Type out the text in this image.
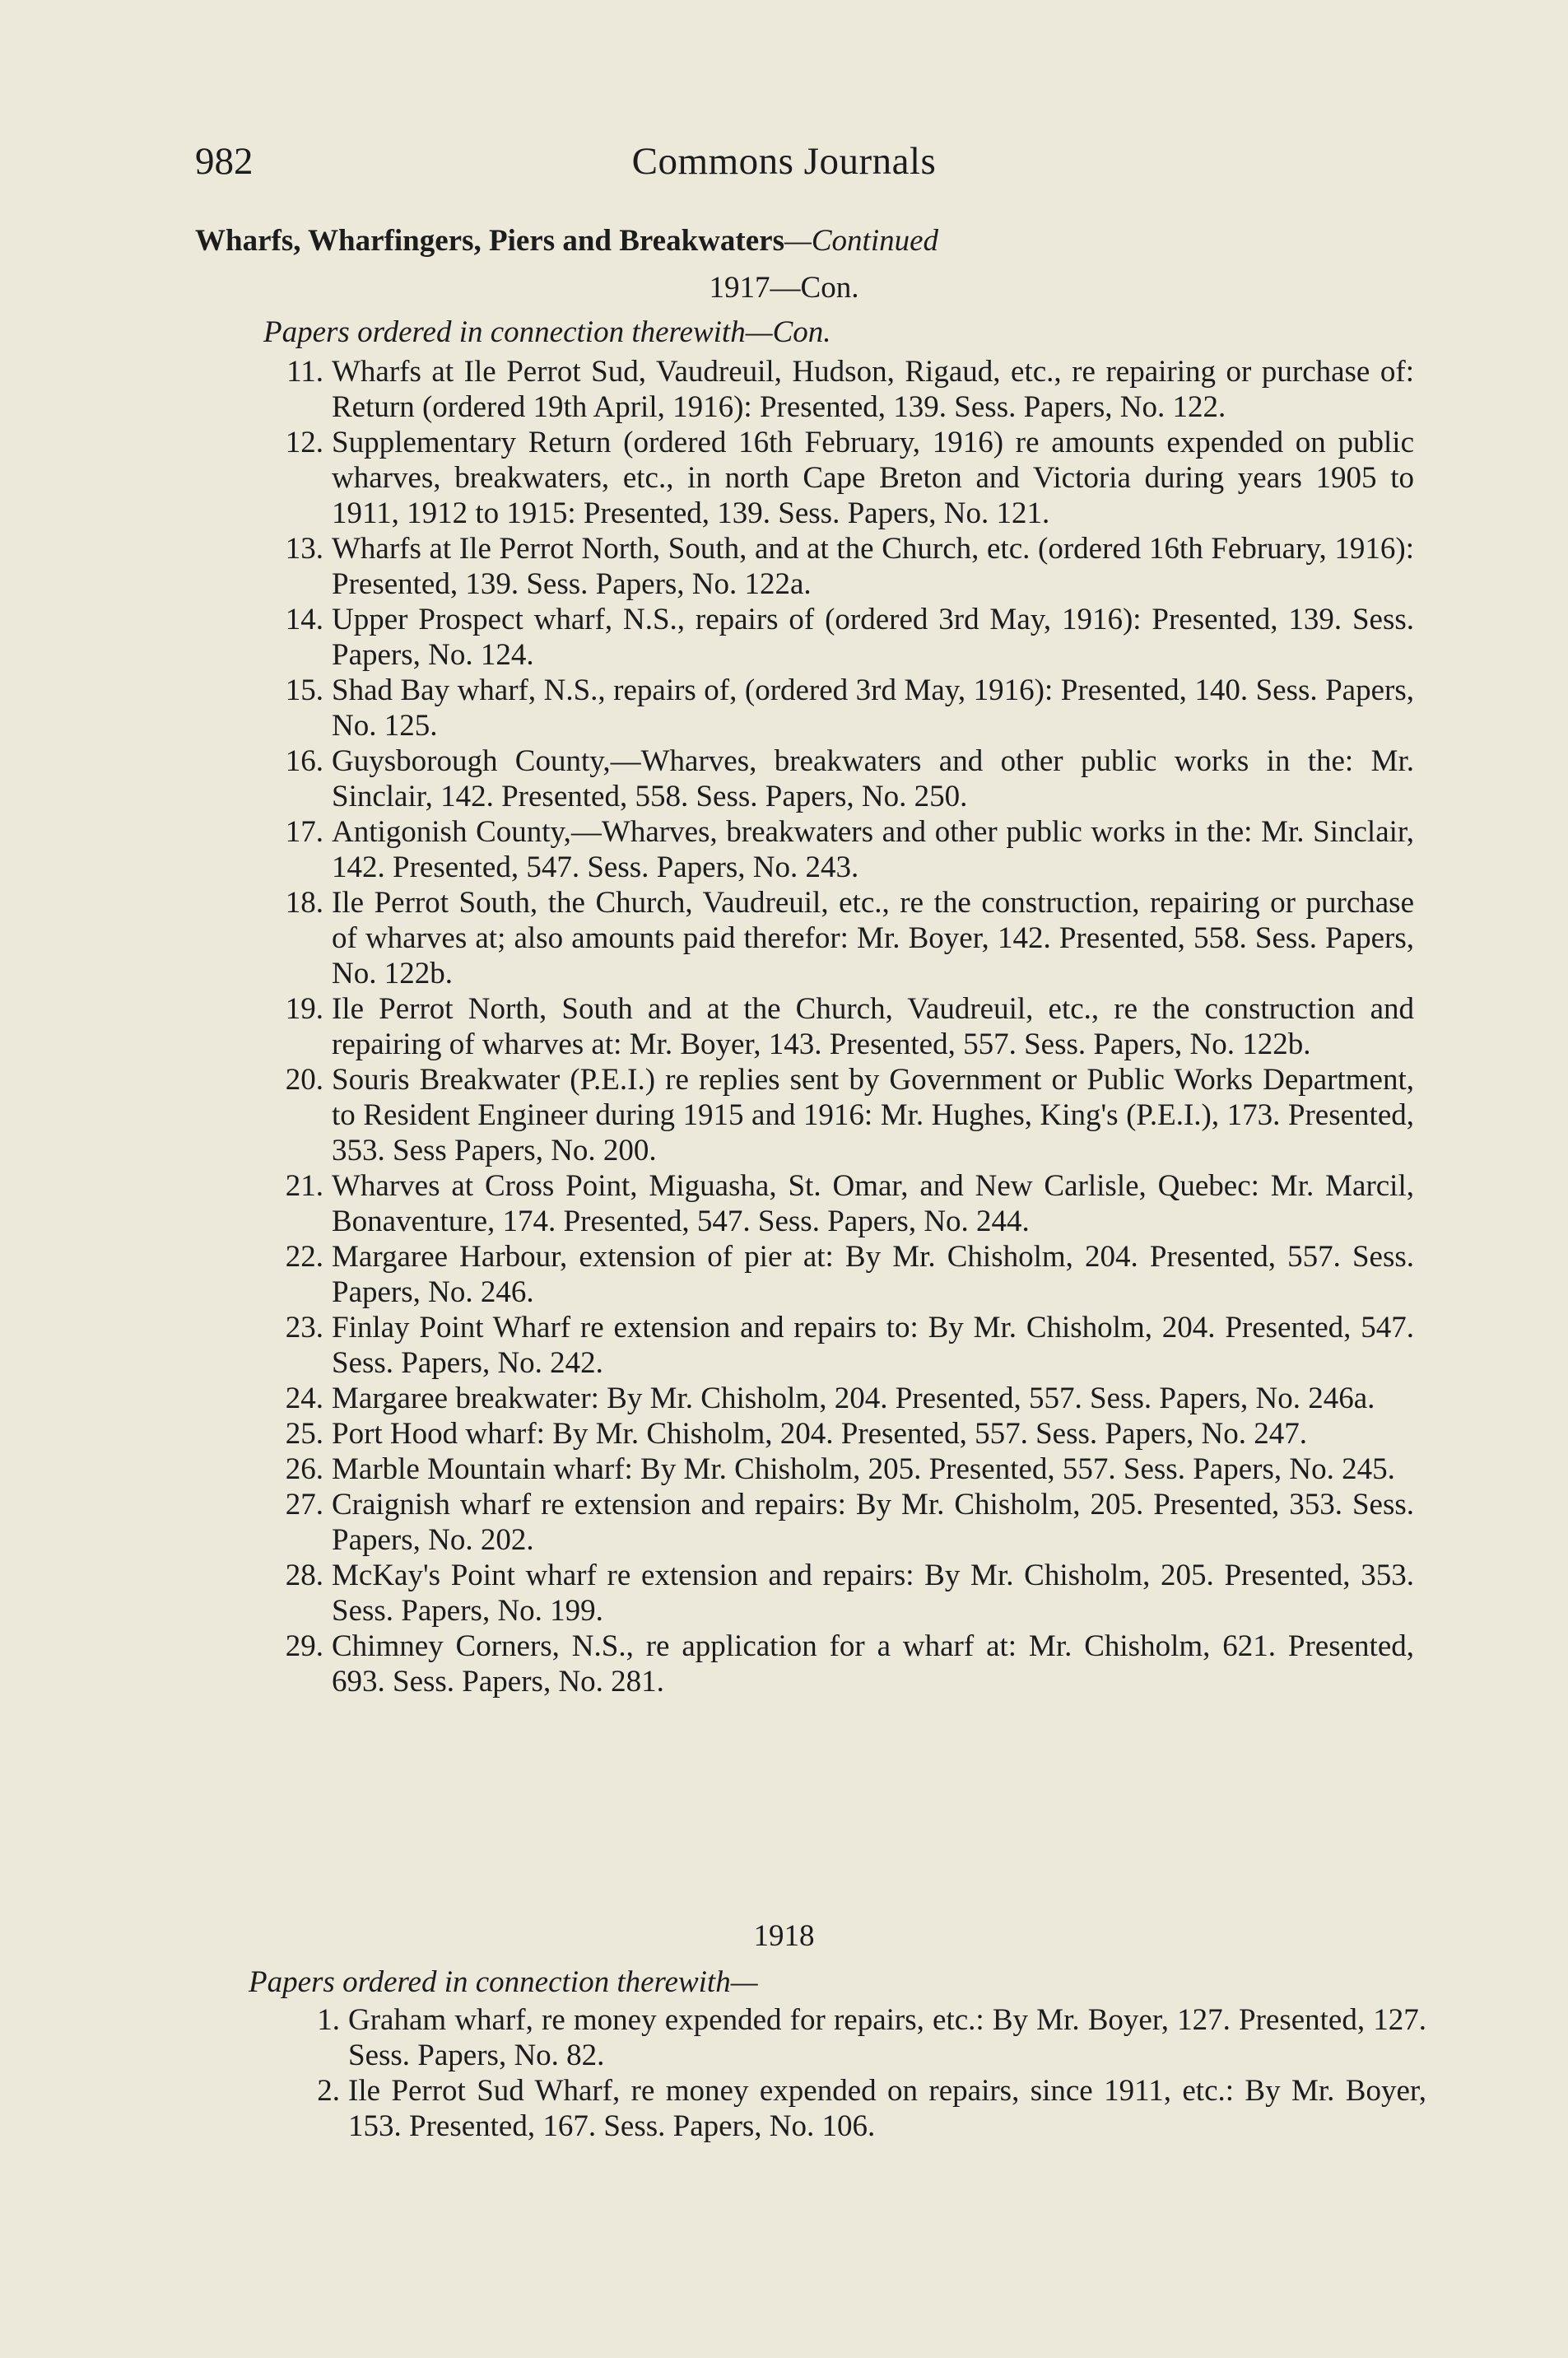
982	Commons Journals
Wharfs, Wharfingers, Piers and Breakwaters—Continued
1917—Con.
Papers ordered in connection therewith—Con.
11. Wharfs at Ile Perrot Sud, Vaudreuil, Hudson, Rigaud, etc., re repairing or purchase of: Return (ordered 19th April, 1916): Presented, 139. Sess. Papers, No. 122.
12. Supplementary Return (ordered 16th February, 1916) re amounts expended on public wharves, breakwaters, etc., in north Cape Breton and Victoria during years 1905 to 1911, 1912 to 1915: Presented, 139. Sess. Papers, No. 121.
13. Wharfs at Ile Perrot North, South, and at the Church, etc. (ordered 16th February, 1916): Presented, 139. Sess. Papers, No. 122a.
14. Upper Prospect wharf, N.S., repairs of (ordered 3rd May, 1916): Presented, 139. Sess. Papers, No. 124.
15. Shad Bay wharf, N.S., repairs of, (ordered 3rd May, 1916): Presented, 140. Sess. Papers, No. 125.
16. Guysborough County,—Wharves, breakwaters and other public works in the: Mr. Sinclair, 142. Presented, 558. Sess. Papers, No. 250.
17. Antigonish County,—Wharves, breakwaters and other public works in the: Mr. Sinclair, 142. Presented, 547. Sess. Papers, No. 243.
18. Ile Perrot South, the Church, Vaudreuil, etc., re the construction, repairing or purchase of wharves at; also amounts paid therefor: Mr. Boyer, 142. Presented, 558. Sess. Papers, No. 122b.
19. Ile Perrot North, South and at the Church, Vaudreuil, etc., re the construction and repairing of wharves at: Mr. Boyer, 143. Presented, 557. Sess. Papers, No. 122b.
20. Souris Breakwater (P.E.I.) re replies sent by Government or Public Works Department, to Resident Engineer during 1915 and 1916: Mr. Hughes, King's (P.E.I.), 173. Presented, 353. Sess Papers, No. 200.
21. Wharves at Cross Point, Miguasha, St. Omar, and New Carlisle, Quebec: Mr. Marcil, Bonaventure, 174. Presented, 547. Sess. Papers, No. 244.
22. Margaree Harbour, extension of pier at: By Mr. Chisholm, 204. Presented, 557. Sess. Papers, No. 246.
23. Finlay Point Wharf re extension and repairs to: By Mr. Chisholm, 204. Presented, 547. Sess. Papers, No. 242.
24. Margaree breakwater: By Mr. Chisholm, 204. Presented, 557. Sess. Papers, No. 246a.
25. Port Hood wharf: By Mr. Chisholm, 204. Presented, 557. Sess. Papers, No. 247.
26. Marble Mountain wharf: By Mr. Chisholm, 205. Presented, 557. Sess. Papers, No. 245.
27. Craignish wharf re extension and repairs: By Mr. Chisholm, 205. Presented, 353. Sess. Papers, No. 202.
28. McKay's Point wharf re extension and repairs: By Mr. Chisholm, 205. Presented, 353. Sess. Papers, No. 199.
29. Chimney Corners, N.S., re application for a wharf at: Mr. Chisholm, 621. Presented, 693. Sess. Papers, No. 281.
1918
Papers ordered in connection therewith—
1. Graham wharf, re money expended for repairs, etc.: By Mr. Boyer, 127. Presented, 127. Sess. Papers, No. 82.
2. Ile Perrot Sud Wharf, re money expended on repairs, since 1911, etc.: By Mr. Boyer, 153. Presented, 167. Sess. Papers, No. 106.
